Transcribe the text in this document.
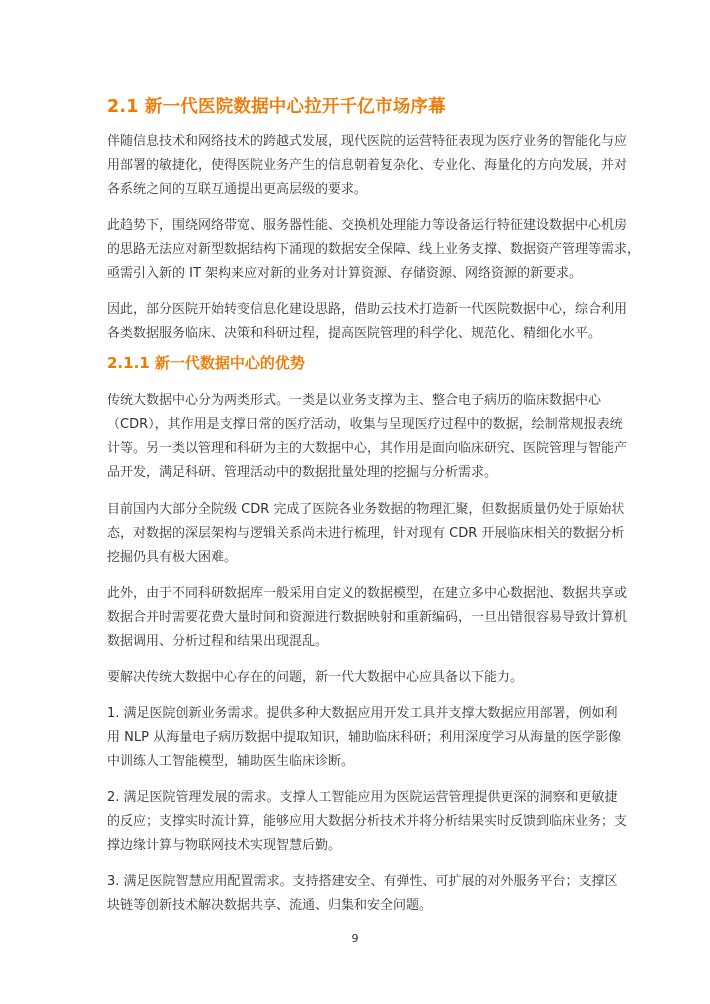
2.1 新一代医院数据中心拉开千亿市场序幕
伴随信息技术和网络技术的跨越式发展，现代医院的运营特征表现为医疗业务的智能化与应
用部署的敏捷化，使得医院业务产生的信息朝着复杂化、专业化、海量化的方向发展，并对
各系统之间的互联互通提出更高层级的要求。
此趋势下，围绕网络带宽、服务器性能、交换机处理能力等设备运行特征建设数据中心机房
的思路无法应对新型数据结构下涌现的数据安全保障、线上业务支撑、数据资产管理等需求，
亟需引入新的 IT 架构来应对新的业务对计算资源、存储资源、网络资源的新要求。
因此，部分医院开始转变信息化建设思路，借助云技术打造新一代医院数据中心，综合利用
各类数据服务临床、决策和科研过程，提高医院管理的科学化、规范化、精细化水平。
2.1.1 新一代数据中心的优势
传统大数据中心分为两类形式。一类是以业务支撑为主、整合电子病历的临床数据中心
（CDR），其作用是支撑日常的医疗活动，收集与呈现医疗过程中的数据，绘制常规报表统
计等。另一类以管理和科研为主的大数据中心，其作用是面向临床研究、医院管理与智能产
品开发，满足科研、管理活动中的数据批量处理的挖掘与分析需求。
目前国内大部分全院级 CDR 完成了医院各业务数据的物理汇聚，但数据质量仍处于原始状
态，对数据的深层架构与逻辑关系尚未进行梳理，针对现有 CDR 开展临床相关的数据分析
挖掘仍具有极大困难。
此外，由于不同科研数据库一般采用自定义的数据模型，在建立多中心数据池、数据共享或
数据合并时需要花费大量时间和资源进行数据映射和重新编码，一旦出错很容易导致计算机
数据调用、分析过程和结果出现混乱。
要解决传统大数据中心存在的问题，新一代大数据中心应具备以下能力。
1. 满足医院创新业务需求。提供多种大数据应用开发工具并支撑大数据应用部署，例如利
用 NLP 从海量电子病历数据中提取知识，辅助临床科研；利用深度学习从海量的医学影像
中训练人工智能模型，辅助医生临床诊断。
2. 满足医院管理发展的需求。支撑人工智能应用为医院运营管理提供更深的洞察和更敏捷
的反应；支撑实时流计算，能够应用大数据分析技术并将分析结果实时反馈到临床业务；支
撑边缘计算与物联网技术实现智慧后勤。
3. 满足医院智慧应用配置需求。支持搭建安全、有弹性、可扩展的对外服务平台；支撑区
块链等创新技术解决数据共享、流通、归集和安全问题。
9
